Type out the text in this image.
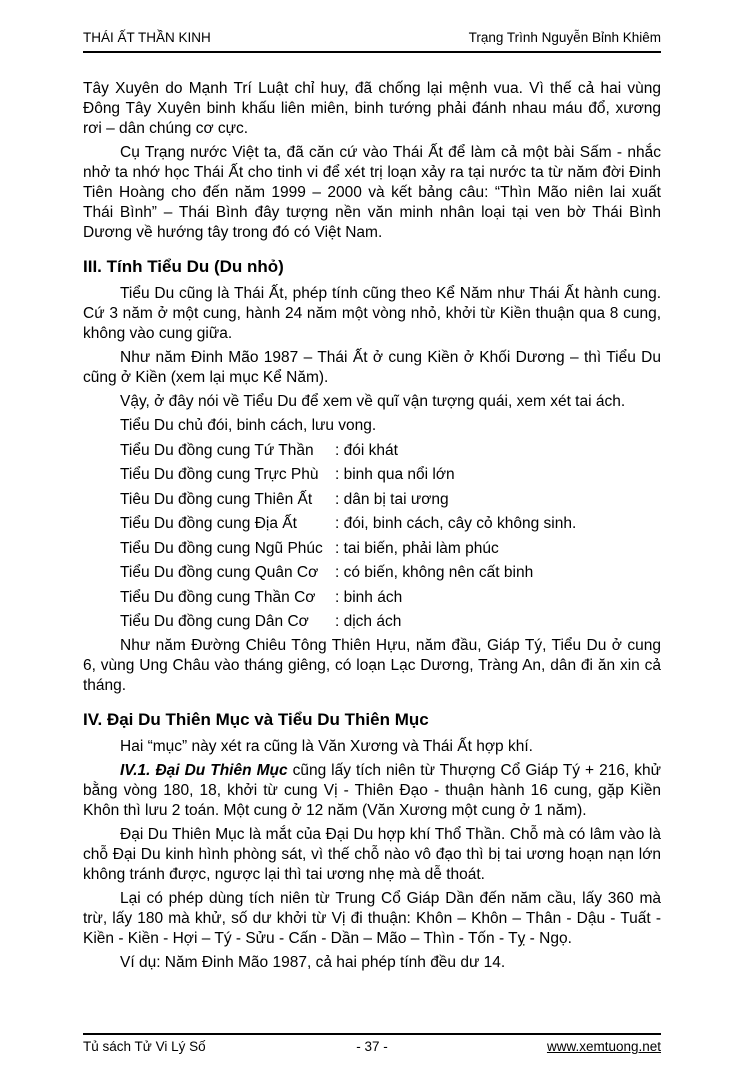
THÁI ẤT THẦN KINH	Trạng Trình Nguyễn Bỉnh Khiêm

Tây Xuyên do Mạnh Trí Luật chỉ huy, đã chống lại mệnh vua. Vì thế cả hai vùng Đông Tây Xuyên binh khấu liên miên, binh tướng phải đánh nhau máu đổ, xương rơi – dân chúng cơ cực.

Cụ Trạng nước Việt ta, đã căn cứ vào Thái Ất để làm cả một bài Sấm - nhắc nhở ta nhớ học Thái Ất cho tinh vi để xét trị loạn xảy ra tại nước ta từ năm đời Đinh Tiên Hoàng cho đến năm 1999 – 2000 và kết bảng câu: “Thìn Mão niên lai xuất Thái Bình” – Thái Bình đây tượng nền văn minh nhân loại tại ven bờ Thái Bình Dương về hướng tây trong đó có Việt Nam.

III. Tính Tiểu Du (Du nhỏ)

Tiểu Du cũng là Thái Ất, phép tính cũng theo Kể Năm như Thái Ất hành cung. Cứ 3 năm ở một cung, hành 24 năm một vòng nhỏ, khởi từ Kiền thuận qua 8 cung, không vào cung giữa.

Như năm Đinh Mão 1987 – Thái Ất ở cung Kiền ở Khối Dương – thì Tiểu Du cũng ở Kiền (xem lại mục Kể Năm).

Vậy, ở đây nói về Tiểu Du để xem về quĩ vận tượng quái, xem xét tai ách.

Tiểu Du chủ đói, binh cách, lưu vong.

Tiểu Du đồng cung Tứ Thần	: đói khát
Tiểu Du đồng cung Trực Phù	: binh qua nổi lớn
Tiêu Du đồng cung Thiên Ất	: dân bị tai ương
Tiểu Du đồng cung Địa Ất	: đói, binh cách, cây cỏ không sinh.
Tiểu Du đồng cung Ngũ Phúc : tai biến, phải làm phúc
Tiểu Du đồng cung Quân Cơ	: có biến, không nên cất binh
Tiểu Du đồng cung Thần Cơ	: binh ách
Tiểu Du đồng cung Dân Cơ	: dịch ách

Như năm Đường Chiêu Tông Thiên Hựu, năm đầu, Giáp Tý, Tiểu Du ở cung 6, vùng Ung Châu vào tháng giêng, có loạn Lạc Dương, Tràng An, dân đi ăn xin cả tháng.

IV. Đại Du Thiên Mục và Tiểu Du Thiên Mục

Hai “mục” này xét ra cũng là Văn Xương và Thái Ất hợp khí.

IV.1. Đại Du Thiên Mục cũng lấy tích niên từ Thượng Cổ Giáp Tý + 216, khử bằng vòng 180, 18, khởi từ cung Vị - Thiên Đạo - thuận hành 16 cung, gặp Kiền Khôn thì lưu 2 toán. Một cung ở 12 năm (Văn Xương một cung ở 1 năm).

Đại Du Thiên Mục là mắt của Đại Du hợp khí Thổ Thần. Chỗ mà có lâm vào là chỗ Đại Du kinh hình phòng sát, vì thế chỗ nào vô đạo thì bị tai ương hoạn nạn lớn không tránh được, ngược lại thì tai ương nhẹ mà dễ thoát.

Lại có phép dùng tích niên từ Trung Cổ Giáp Dần đến năm cầu, lấy 360 mà trừ, lấy 180 mà khử, số dư khởi từ Vị đi thuận: Khôn – Khôn – Thân - Dậu - Tuất - Kiền - Kiền - Hợi – Tý - Sửu - Cấn - Dần – Mão – Thìn - Tốn - Tỵ - Ngọ.

Ví dụ: Năm Đinh Mão 1987, cả hai phép tính đều dư 14.

Tủ sách Tử Vi Lý Số	- 37 -	www.xemtuong.net
